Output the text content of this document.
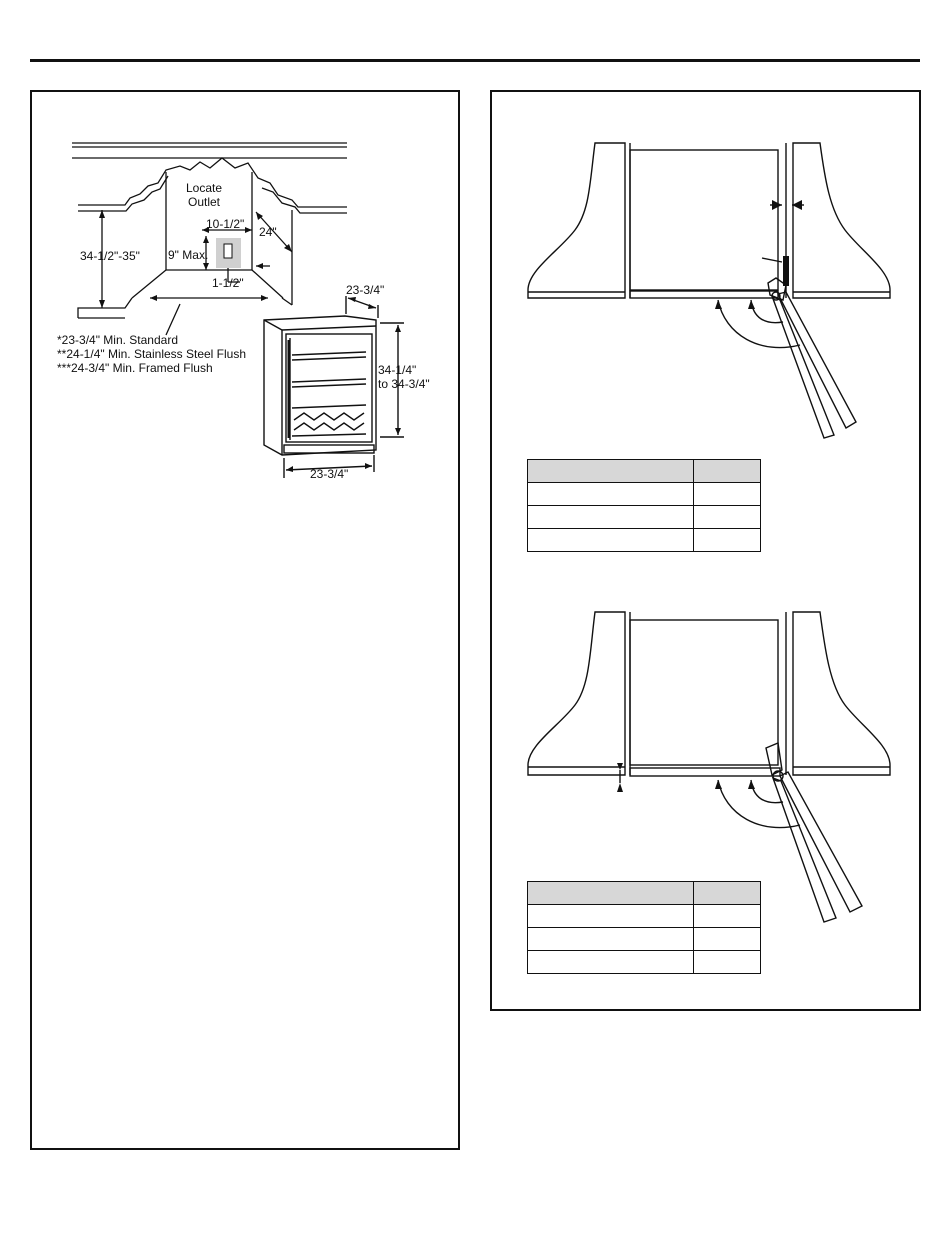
Locate
Outlet
10-1/2"
9" Max.
1-1/2"
24"
34-1/2"-35"
*23-3/4" Min. Standard
**24-1/4" Min. Stainless Steel Flush
***24-3/4" Min. Framed Flush
23-3/4"
34-1/4"
to 34-3/4"
23-3/4"
